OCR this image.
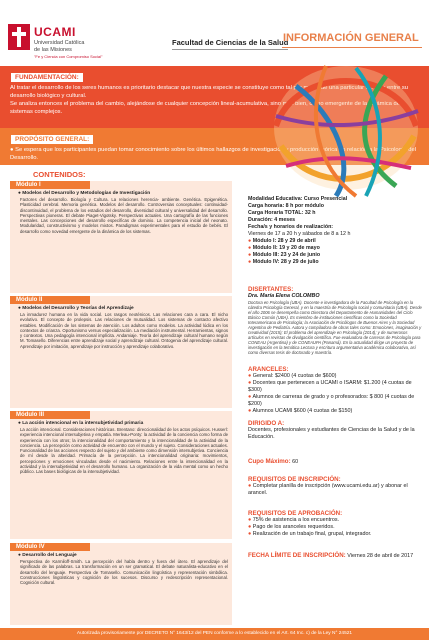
UCAMI
Universidad Católica
de las Misiones
"Fe y Ciencia con Compromiso Social"
Facultad de Ciencias de la Salud
INFORMACIÓN GENERAL
FUNDAMENTACIÓN:

Al tratar el desarrollo de los seres humanos es prioritario destacar que nuestra especie se constituye como tal por medio de una particular síntesis entre su desarrollo biológico y cultural.

Se analiza entonces el problema del cambio, alejándose de cualquier concepción lineal-acumulativa, sino más bien, como emergente de la dinámica de sistemas complejos.

PROPÓSITO GENERAL:

● Se espera que los participantes puedan tomar conocimiento sobre los últimos hallazgos de investigación y producción teórica en relación a la Psicología del Desarrollo.

CONTENIDOS:
Módulo I
● Modelos del Desarrollo y Metodologías de Investigación
Factores del desarrollo. Biología y Cultura. La relaciones herencia- ambiente. Genética. Epigenética. Plasticidad cerebral. Memoria genética. Modelos del desarrollo. Controversias conceptuales: continuidad-discontinuidad, el problema de los estadios del desarrollo, diversidad cultural y universalidad del desarrollo. Perspectivas pioneras. El debate Piaget-Vigotsky. Perspectivas actuales. Una cartografía de las funciones mentales. Las concepciones del desarrollo específicas de dominio. La competencia inicial del neonato. Modularidad, constructivismo y modelos mixtos. Paradigmas experimentales para el estudio de bebés. El desarrollo como novedad emergente de la dinámica de los sistemas.
Módulo II
● Modelos del Desarrollo y Teorías del Aprendizaje
La inmadurez humana en la vida social. Los rasgos neoténicos. Las relaciones cara a cara. El nicho evolutivo. El concepto de prolepsis. Las relaciones de mutualidad. Los sistemas de contacto afectivo estables. Modificación de los sistemas de atención. Los adultos como modelos. La actividad lúdica en los contextos de crianza. Oportunismo versus especialización. La mediación instrumental. Herramientas, signos y contextos. Una pedagogía intencional implícita. Andamiaje. Teoría del aprendizaje cultural humano según M. Tomasello. Diferencias entre aprendizaje social y aprendizaje cultural. Ontogenia del aprendizaje cultural. Aprendizaje por imitación, aprendizaje por instrucción y aprendizaje colaborativo.
Módulo III
● La acción intencional en la intersubjetividad primaria
La acción intencional. Consideraciones históricas. Brentano: direccionalidad de los actos psíquicos. Husserl: experiencia intencional intersubjetiva y empatía. Merleau-Ponty: la actividad de la conciencia como forma de experiencia con los otros; la intencionalidad del comportamiento y la intencionalidad de la actividad de la conciencia. La percepción como actividad de encuentro con el mundo y el sujeto. Consideraciones actuales. Funcionalidad de las acciones respecto del sujeto y del ambiente como dimensión intersubjetiva. Conciencia de mí desde la alteridad. Primacía de la percepción. La intencionalidad originaria: movimientos, percepciones y emociones vinculadas desde el nacimiento. Relaciones entre la intencionalidad en la actividad y la intersubjetividad en el desarrollo humano. La organización de la vida mental como un hecho público. Las bases biológicas de la intersubjetividad.
Módulo IV
● Desarrollo del Lenguaje
Perspectiva de Karmiloff-Smith. La percepción del habla dentro y fuera del útero. El aprendizaje del significado de las palabras. La transformación en un ser gramatical. El debate naturalista-educativo en el desarrollo del lenguaje. Perspectiva de Tomasello. Comunicación lingüística y representación simbólica. Construcciones lingüísticas y cognición de los sucesos. Discurso y redescripción representacional. Cognición cultural.
Modalidad Educativa: Curso Presencial
Carga horaria: 8 h por módulo
Carga Horaria TOTAL: 32 h
Duración: 4 meses
Fecha/s y horarios de realización:
Viernes de 17 a 20 h y sábados de 8 a 12 h
● Módulo I: 28 y 29 de abril
● Módulo II: 19 y 20 de mayo
● Módulo III: 23 y 24 de junio
● Módulo IV: 28 y 29 de julio
DISERTANTES:
Dra. María Elena COLOMBO
Doctora en Psicología (UBA). Docente e investigadora de la Facultad de Psicología en la cátedra Psicología General, y en la maestría de Psicología social y comunitaria (UBA). Desde el año 2006 se desempeña como Directora del Departamento de Humanidades del Ciclo Básico Común (UBA). Es miembro de instituciones científicas como la Sociedad Interamericana de Psicología; la Asociación de Psicólogos de Buenos Aires y la Sociedad Argentina de Pediatría. Autora y compiladora de obras tales como: Emociones, imaginación y creatividad (2015); El problema del aprendizaje en Psicología (2014); y de numerosos artículos en revistas de divulgación científica. Fue evaluadora de carreras de Psicología para CONEAU (Argentina) y de CONEAUPA (Panamá). En la actualidad dirige un proyecto de investigación en la temática Lectura y escritura argumentativa académica colaborativa, así como diversas tesis de doctorado y maestría.
ARANCELES:
● General: $2400 (4 cuotas de $600)
● Docentes que pertenecen a UCAMI o ISARM: $1.200 (4 cuotas de $300)
● Alumnos de carreras de grado y o profesorados: $ 800 (4 cuotas de $200)
● Alumnos UCAMI $600 (4 cuotas de $150)
DIRIGIDO A:
Docentes, profesionales y estudiantes de Ciencias de la Salud y de la Educación.
Cupo Máximo: 60
REQUISITOS DE INSCRIPCIÓN:
● Completar planilla de inscripción (www.ucami.edu.ar) y abonar el arancel.
REQUISITOS DE APROBACIÓN:
● 75% de asistencia a los encuentros.
● Pago de los aranceles requeridos.
● Realización de un trabajo final, grupal, integrador.
FECHA LÍMITE DE INSCRIPCIÓN: Viernes 28 de abril de 2017
Autorizada provisoriamente por DECRETO N° 1643/12 del PEN conforme a lo establecido en el Art. 64 Inc. c) de la Ley N° 24521
